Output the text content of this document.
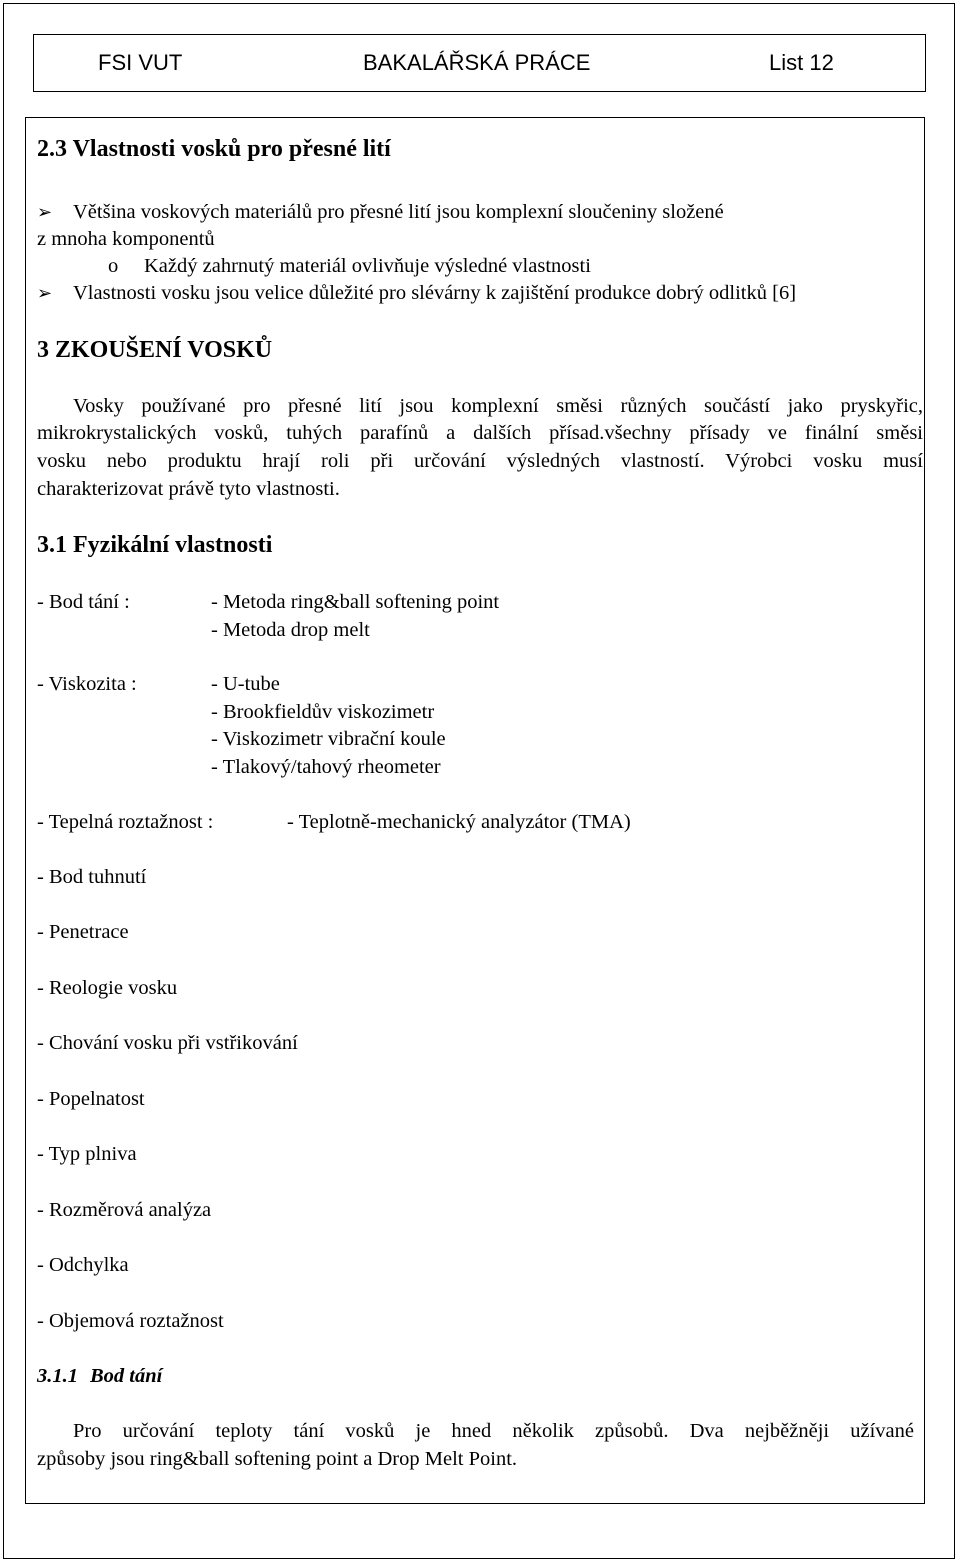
FSI VUT	BAKALÁŘSKÁ PRÁCE	List 12
2.3 Vlastnosti vosků pro přesné lití
➢ Většina voskových materiálů pro přesné lití jsou komplexní sloučeniny složené
z mnoha komponentů
o Každý zahrnutý materiál ovlivňuje výsledné vlastnosti
➢ Vlastnosti vosku jsou velice důležité pro slévárny k zajištění produkce dobrý odlitků [6]
3 ZKOUŠENÍ VOSKŮ
Vosky používané pro přesné lití jsou komplexní směsi různých součástí jako pryskyřic,
mikrokrystalických vosků, tuhých parafínů a dalších přísad.všechny přísady ve finální směsi
vosku nebo produktu hrají roli při určování výsledných vlastností. Výrobci vosku musí
charakterizovat právě tyto vlastnosti.
3.1 Fyzikální vlastnosti
- Bod tání :	- Metoda ring&ball softening point
- Metoda drop melt
- Viskozita :	- U-tube
- Brookfieldův viskozimetr
- Viskozimetr vibrační koule
- Tlakový/tahový rheometer
- Tepelná roztažnost :	- Teplotně-mechanický analyzátor (TMA)
- Bod tuhnutí
- Penetrace
- Reologie vosku
- Chování vosku při vstřikování
- Popelnatost
- Typ plniva
- Rozměrová analýza
- Odchylka
- Objemová roztažnost
3.1.1 Bod tání
Pro určování teploty tání vosků je hned několik způsobů. Dva nejběžněji užívané
způsoby jsou ring&ball softening point a Drop Melt Point.
